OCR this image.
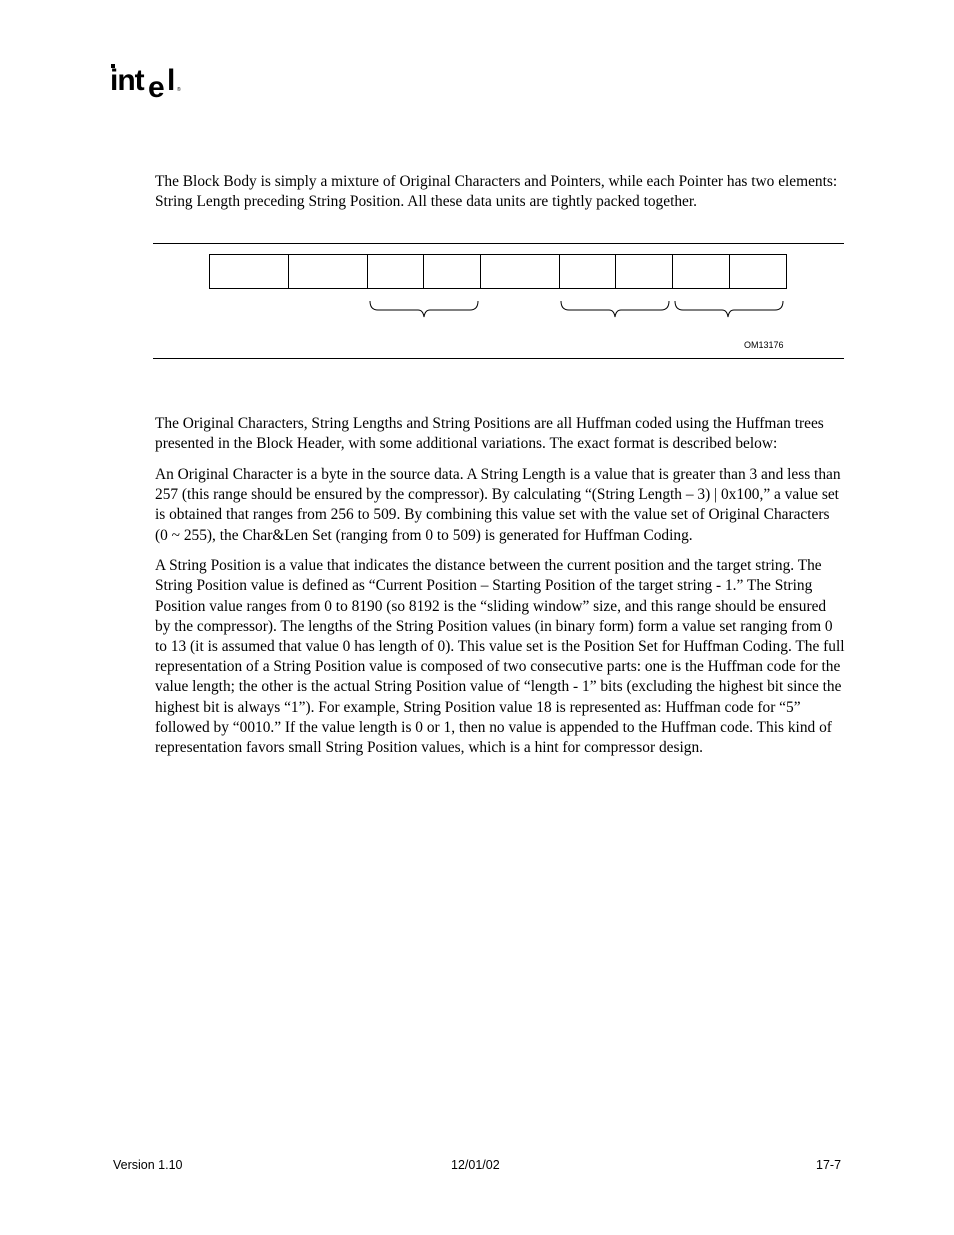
int e l ®

The Block Body is simply a mixture of Original Characters and Pointers, while each Pointer has two elements: String Length preceding String Position. All these data units are tightly packed together.

OM13176

The Original Characters, String Lengths and String Positions are all Huffman coded using the Huffman trees presented in the Block Header, with some additional variations. The exact format is described below:

An Original Character is a byte in the source data. A String Length is a value that is greater than 3 and less than 257 (this range should be ensured by the compressor). By calculating “(String Length – 3) | 0x100,” a value set is obtained that ranges from 256 to 509. By combining this value set with the value set of Original Characters (0 ~ 255), the Char&Len Set (ranging from 0 to 509) is generated for Huffman Coding.

A String Position is a value that indicates the distance between the current position and the target string. The String Position value is defined as “Current Position – Starting Position of the target string - 1.” The String Position value ranges from 0 to 8190 (so 8192 is the “sliding window” size, and this range should be ensured by the compressor). The lengths of the String Position values (in binary form) form a value set ranging from 0 to 13 (it is assumed that value 0 has length of 0). This value set is the Position Set for Huffman Coding. The full representation of a String Position value is composed of two consecutive parts: one is the Huffman code for the value length; the other is the actual String Position value of “length - 1” bits (excluding the highest bit since the highest bit is always “1”). For example, String Position value 18 is represented as: Huffman code for “5” followed by “0010.” If the value length is 0 or 1, then no value is appended to the Huffman code. This kind of representation favors small String Position values, which is a hint for compressor design.

Version 1.10	12/01/02	17-7
